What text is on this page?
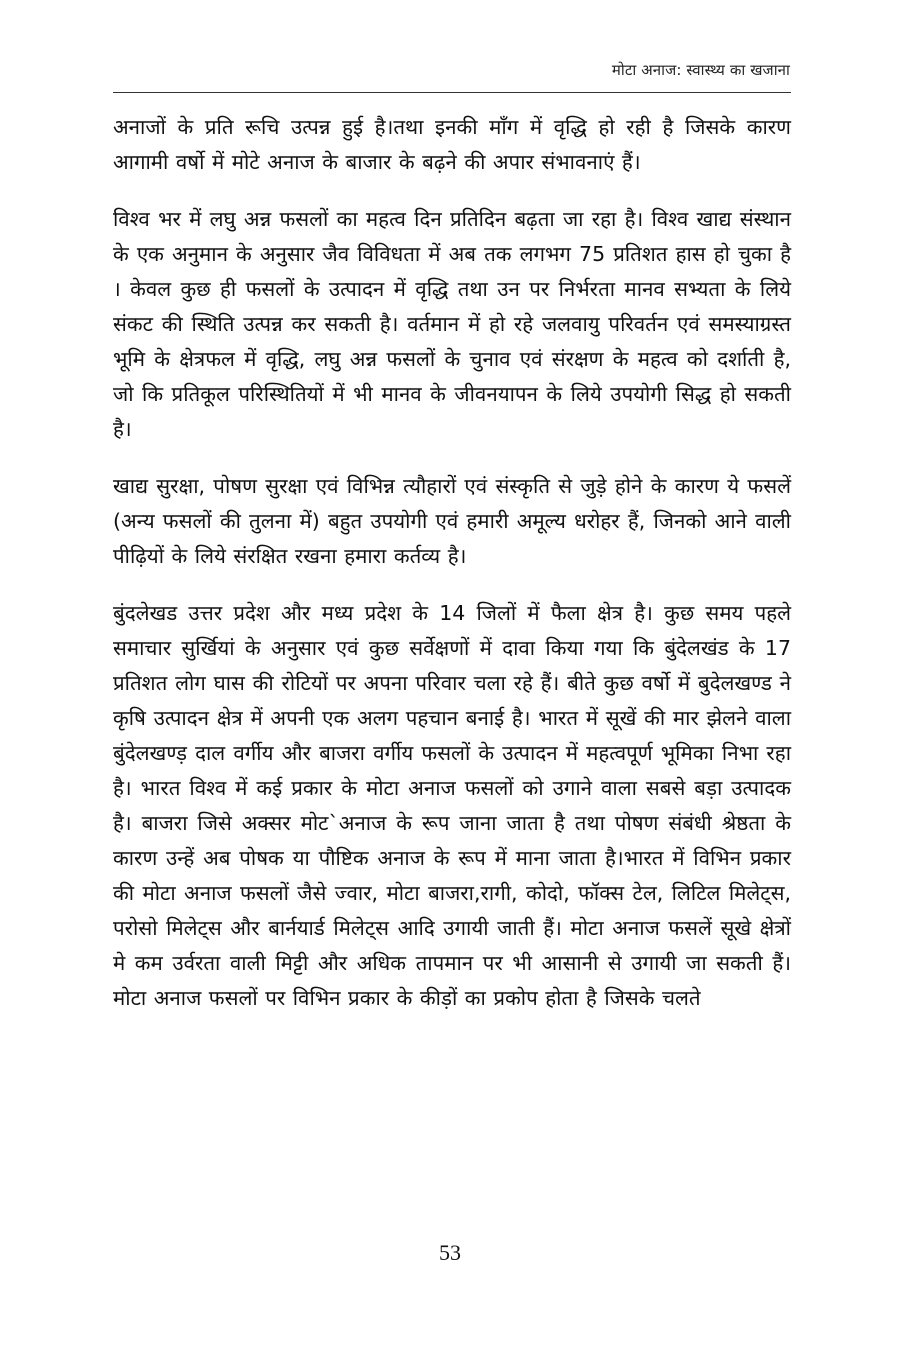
मोटा अनाज: स्वास्थ्य का खजाना

अनाजों के प्रति रूचि उत्पन्न हुई है।तथा इनकी माँग में वृद्धि हो रही है जिसके कारण आगामी वर्षो में मोटे अनाज के बाजार के बढ़ने की अपार संभावनाएं हैं।

विश्व भर में लघु अन्न फसलों का महत्व दिन प्रतिदिन बढ़ता जा रहा है। विश्व खाद्य संस्थान के एक अनुमान के अनुसार जैव विविधता में अब तक लगभग 75 प्रतिशत हास हो चुका है । केवल कुछ ही फसलों के उत्पादन में वृद्धि तथा उन पर निर्भरता मानव सभ्यता के लिये संकट की स्थिति उत्पन्न कर सकती है। वर्तमान में हो रहे जलवायु परिवर्तन एवं समस्याग्रस्त भूमि के क्षेत्रफल में वृद्धि, लघु अन्न फसलों के चुनाव एवं संरक्षण के महत्व को दर्शाती है, जो कि प्रतिकूल परिस्थितियों में भी मानव के जीवनयापन के लिये उपयोगी सिद्ध हो सकती है।

खाद्य सुरक्षा, पोषण सुरक्षा एवं विभिन्न त्यौहारों एवं संस्कृति से जुड़े होने के कारण ये फसलें (अन्य फसलों की तुलना में) बहुत उपयोगी एवं हमारी अमूल्य धरोहर हैं, जिनको आने वाली पीढ़ियों के लिये संरक्षित रखना हमारा कर्तव्य है।

बुंदलेखड उत्तर प्रदेश और मध्य प्रदेश के 14 जिलों में फैला क्षेत्र है। कुछ समय पहले समाचार सुर्खियां के अनुसार एवं कुछ सर्वेक्षणों में दावा किया गया कि बुंदेलखंड के 17 प्रतिशत लोग घास की रोटियों पर अपना परिवार चला रहे हैं। बीते कुछ वर्षो में बुदेलखण्ड ने कृषि उत्पादन क्षेत्र में अपनी एक अलग पहचान बनाई है। भारत में सूखें की मार झेलने वाला बुंदेलखण्ड़ दाल वर्गीय और बाजरा वर्गीय फसलों के उत्पादन में महत्वपूर्ण भूमिका निभा रहा है। भारत विश्व में कई प्रकार के मोटा अनाज फसलों को उगाने वाला सबसे बड़ा उत्पादक है। बाजरा जिसे अक्सर मोट`अनाज के रूप जाना जाता है तथा पोषण संबंधी श्रेष्ठता के कारण उन्हें अब पोषक या पौष्टिक अनाज के रूप में माना जाता है।भारत में विभिन प्रकार की मोटा अनाज फसलों जैसे ज्वार, मोटा बाजरा,रागी, कोदो, फॉक्स टेल, लिटिल मिलेट्स, परोसो मिलेट्स और बार्नयार्ड मिलेट्स आदि उगायी जाती हैं। मोटा अनाज फसलें सूखे क्षेत्रों मे कम उर्वरता वाली मिट्टी और अधिक तापमान पर भी आसानी से उगायी जा सकती हैं। मोटा अनाज फसलों पर विभिन प्रकार के कीड़ों का प्रकोप होता है जिसके चलते

53
